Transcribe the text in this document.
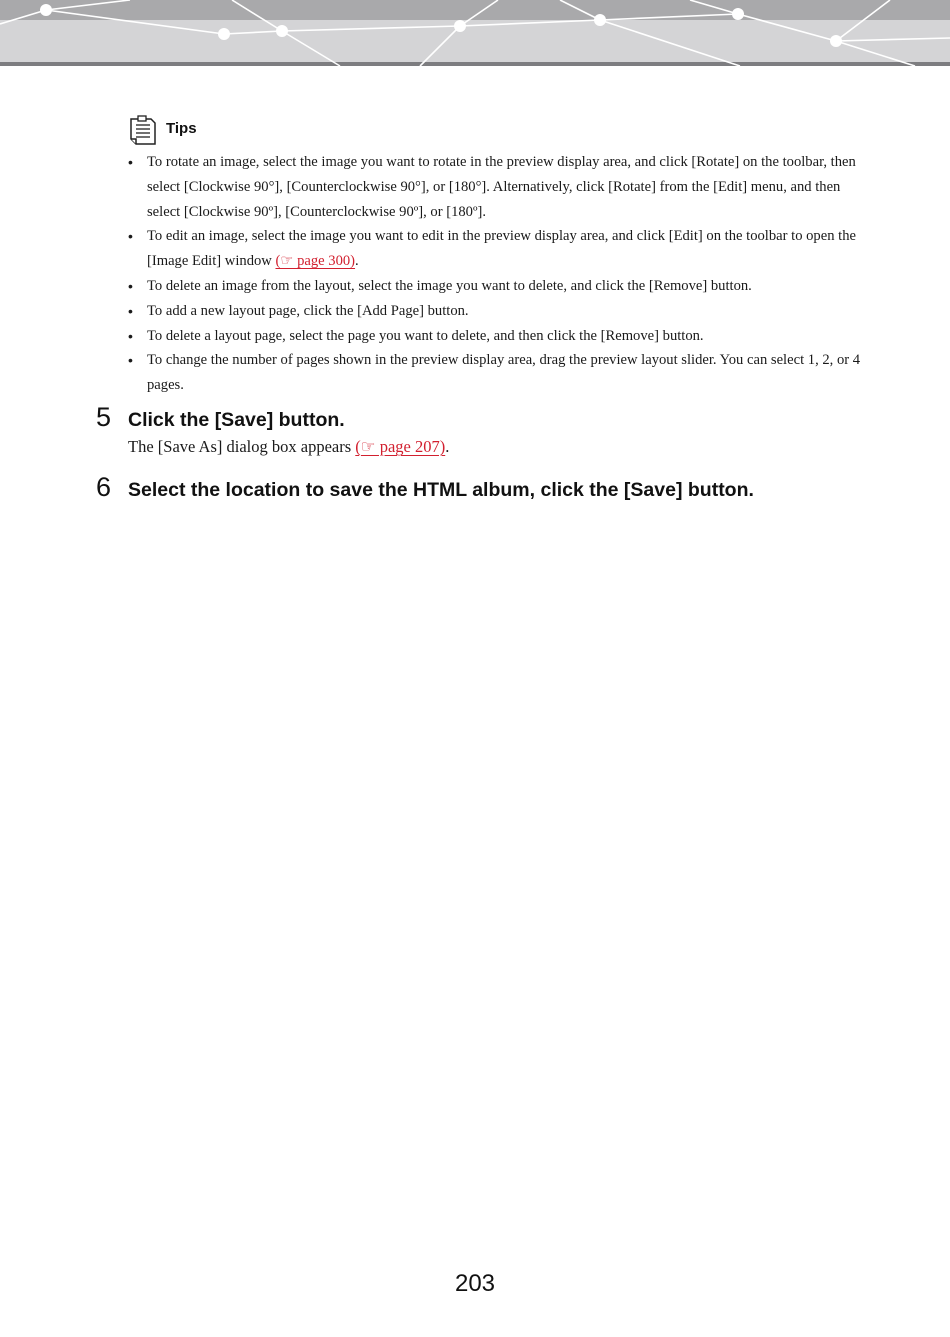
Tips
• To rotate an image, select the image you want to rotate in the preview display area, and click [Rotate] on the toolbar, then select [Clockwise 90°], [Counterclockwise 90°], or [180°]. Alternatively, click [Rotate] from the [Edit] menu, and then select [Clockwise 90º], [Counterclockwise 90º], or [180º].
• To edit an image, select the image you want to edit in the preview display area, and click [Edit] on the toolbar to open the [Image Edit] window (☞ page 300).
• To delete an image from the layout, select the image you want to delete, and click the [Remove] button.
• To add a new layout page, click the [Add Page] button.
• To delete a layout page, select the page you want to delete, and then click the [Remove] button.
• To change the number of pages shown in the preview display area, drag the preview layout slider. You can select 1, 2, or 4 pages.
5 Click the [Save] button.
The [Save As] dialog box appears (☞ page 207).
6 Select the location to save the HTML album, click the [Save] button.
203
